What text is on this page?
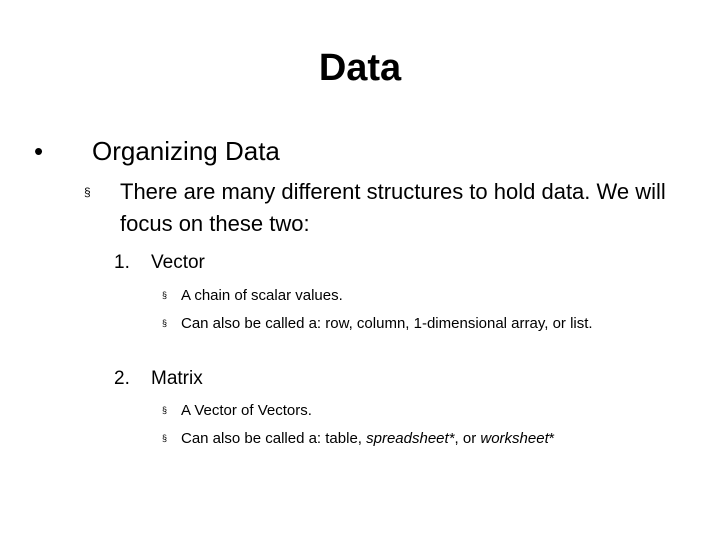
Data
•	Organizing Data
§	There are many different structures to hold data. We will focus on these two:
1. Vector
§ A chain of scalar values.
§ Can also be called a: row, column, 1-dimensional array, or list.
2. Matrix
§ A Vector of Vectors.
§ Can also be called a: table, spreadsheet*, or worksheet*
